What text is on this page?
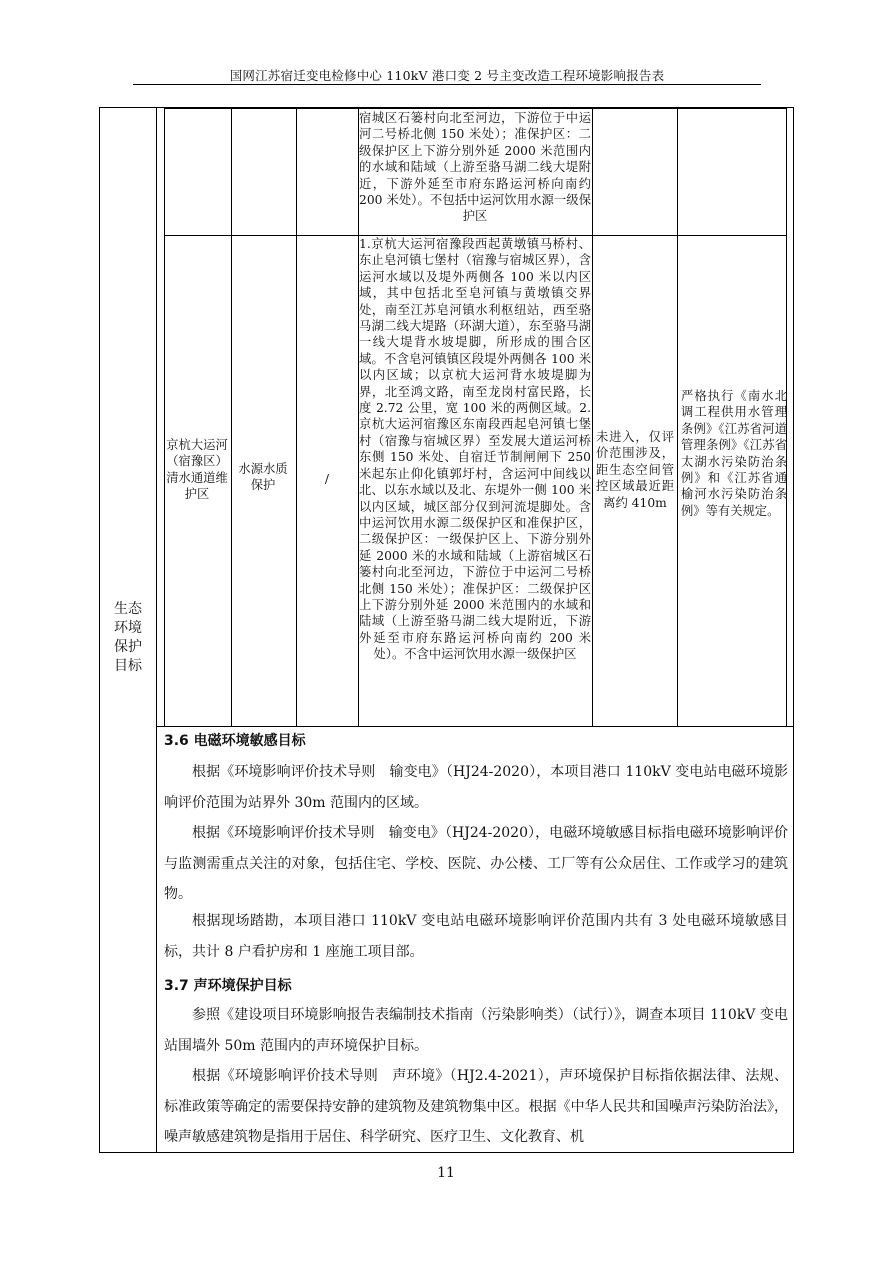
国网江苏宿迁变电检修中心 110kV 港口变 2 号主变改造工程环境影响报告表
宿城区石篓村向北至河边，下游位于中运河二号桥北侧 150 米处）；准保护区：二级保护区上下游分别外延 2000 米范围内的水域和陆域（上游至骆马湖二线大堤附近，下游外延至市府东路运河桥向南约 200 米处）。不包括中运河饮用水源一级保护区
京杭大运河（宿豫区）清水通道维护区
水源水质保护	/
1.京杭大运河宿豫段西起黄墩镇马桥村、东止皂河镇七堡村（宿豫与宿城区界），含运河水域以及堤外两侧各 100 米以内区域，其中包括北至皂河镇与黄墩镇交界处，南至江苏皂河镇水利枢纽站，西至骆马湖二线大堤路（环湖大道），东至骆马湖一线大堤背水坡堤脚，所形成的围合区域。不含皂河镇镇区段堤外两侧各 100 米以内区域；以京杭大运河背水坡堤脚为界，北至鸿文路，南至龙岗村富民路，长度 2.72 公里，宽 100 米的两侧区域。2.京杭大运河宿豫区东南段西起皂河镇七堡村（宿豫与宿城区界）至发展大道运河桥东侧 150 米处、自宿迁节制闸闸下 250 米起东止仰化镇郭圩村，含运河中间线以北、以东水域以及北、东堤外一侧 100 米以内区域，城区部分仅到河流堤脚处。含中运河饮用水源二级保护区和准保护区，二级保护区：一级保护区上、下游分别外延 2000 米的水域和陆域（上游宿城区石篓村向北至河边，下游位于中运河二号桥北侧 150 米处）；准保护区：二级保护区上下游分别外延 2000 米范围内的水域和陆域（上游至骆马湖二线大堤附近，下游外延至市府东路运河桥向南约 200 米处）。不含中运河饮用水源一级保护区
未进入，仅评价范围涉及，距生态空间管控区域最近距离约 410m
严格执行《南水北调工程供用水管理条例》《江苏省河道管理条例》《江苏省太湖水污染防治条例》和《江苏省通榆河水污染防治条例》等有关规定。
生态
环境
保护
目标
3.6 电磁环境敏感目标
根据《环境影响评价技术导则　输变电》（HJ24-2020），本项目港口 110kV 变电站电磁环境影响评价范围为站界外 30m 范围内的区域。
根据《环境影响评价技术导则　输变电》（HJ24-2020），电磁环境敏感目标指电磁环境影响评价与监测需重点关注的对象，包括住宅、学校、医院、办公楼、工厂等有公众居住、工作或学习的建筑物。
根据现场踏勘，本项目港口 110kV 变电站电磁环境影响评价范围内共有 3 处电磁环境敏感目标，共计 8 户看护房和 1 座施工项目部。
3.7 声环境保护目标
参照《建设项目环境影响报告表编制技术指南（污染影响类）（试行）》，调查本项目 110kV 变电站围墙外 50m 范围内的声环境保护目标。
根据《环境影响评价技术导则　声环境》（HJ2.4-2021），声环境保护目标指依据法律、法规、标准政策等确定的需要保持安静的建筑物及建筑物集中区。根据《中华人民共和国噪声污染防治法》，噪声敏感建筑物是指用于居住、科学研究、医疗卫生、文化教育、机
11
